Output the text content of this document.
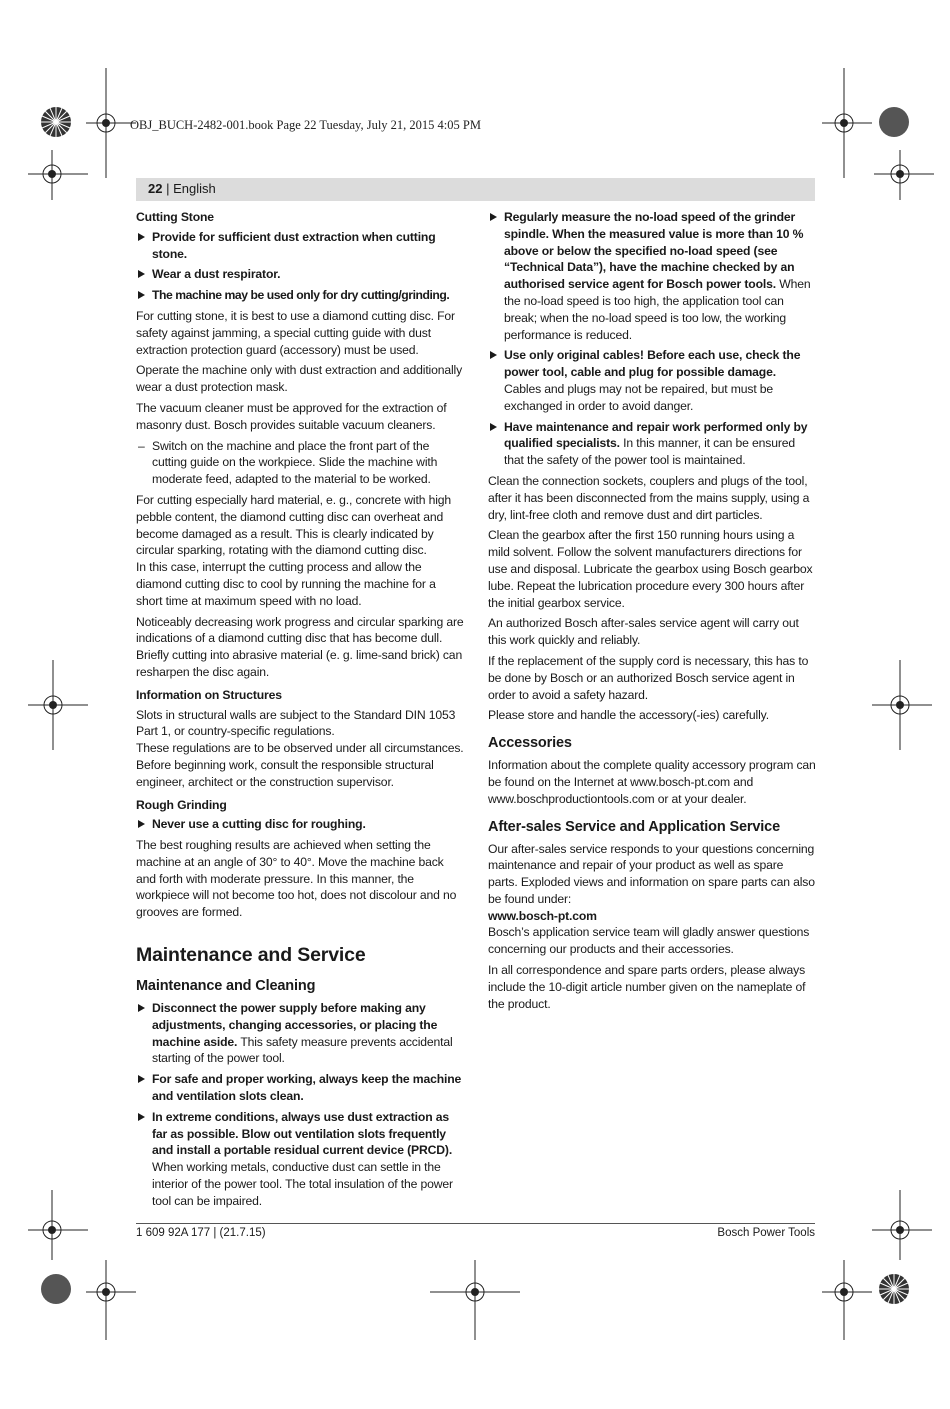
OBJ_BUCH-2482-001.book Page 22 Tuesday, July 21, 2015 4:05 PM
22 | English
Cutting Stone
Provide for sufficient dust extraction when cutting stone.
Wear a dust respirator.
The machine may be used only for dry cutting/grinding.

For cutting stone, it is best to use a diamond cutting disc. For safety against jamming, a special cutting guide with dust extraction protection guard (accessory) must be used.

Operate the machine only with dust extraction and additionally wear a dust protection mask.

The vacuum cleaner must be approved for the extraction of masonry dust. Bosch provides suitable vacuum cleaners.

– Switch on the machine and place the front part of the cutting guide on the workpiece. Slide the machine with moderate feed, adapted to the material to be worked.

For cutting especially hard material, e. g., concrete with high pebble content, the diamond cutting disc can overheat and become damaged as a result. This is clearly indicated by circular sparking, rotating with the diamond cutting disc.

In this case, interrupt the cutting process and allow the diamond cutting disc to cool by running the machine for a short time at maximum speed with no load.

Noticeably decreasing work progress and circular sparking are indications of a diamond cutting disc that has become dull. Briefly cutting into abrasive material (e. g. lime-sand brick) can resharpen the disc again.

Information on Structures

Slots in structural walls are subject to the Standard DIN 1053 Part 1, or country-specific regulations.

These regulations are to be observed under all circumstances. Before beginning work, consult the responsible structural engineer, architect or the construction supervisor.

Rough Grinding
Never use a cutting disc for roughing.

The best roughing results are achieved when setting the machine at an angle of 30° to 40°. Move the machine back and forth with moderate pressure. In this manner, the workpiece will not become too hot, does not discolour and no grooves are formed.

Maintenance and Service
Maintenance and Cleaning
Disconnect the power supply before making any adjustments, changing accessories, or placing the machine aside. This safety measure prevents accidental starting of the power tool.
For safe and proper working, always keep the machine and ventilation slots clean.
In extreme conditions, always use dust extraction as far as possible. Blow out ventilation slots frequently and install a portable residual current device (PRCD). When working metals, conductive dust can settle in the interior of the power tool. The total insulation of the power tool can be impaired.
Regularly measure the no-load speed of the grinder spindle. When the measured value is more than 10 % above or below the specified no-load speed (see “Technical Data”), have the machine checked by an authorised service agent for Bosch power tools. When the no-load speed is too high, the application tool can break; when the no-load speed is too low, the working performance is reduced.
Use only original cables! Before each use, check the power tool, cable and plug for possible damage. Cables and plugs may not be repaired, but must be exchanged in order to avoid danger.
Have maintenance and repair work performed only by qualified specialists. In this manner, it can be ensured that the safety of the power tool is maintained.

Clean the connection sockets, couplers and plugs of the tool, after it has been disconnected from the mains supply, using a dry, lint-free cloth and remove dust and dirt particles.

Clean the gearbox after the first 150 running hours using a mild solvent. Follow the solvent manufacturers directions for use and disposal. Lubricate the gearbox using Bosch gearbox lube. Repeat the lubrication procedure every 300 hours after the initial gearbox service.

An authorized Bosch after-sales service agent will carry out this work quickly and reliably.

If the replacement of the supply cord is necessary, this has to be done by Bosch or an authorized Bosch service agent in order to avoid a safety hazard.

Please store and handle the accessory(-ies) carefully.

Accessories

Information about the complete quality accessory program can be found on the Internet at www.bosch-pt.com and www.boschproductiontools.com or at your dealer.

After-sales Service and Application Service

Our after-sales service responds to your questions concerning maintenance and repair of your product as well as spare parts. Exploded views and information on spare parts can also be found under:

www.bosch-pt.com

Bosch’s application service team will gladly answer questions concerning our products and their accessories.

In all correspondence and spare parts orders, please always include the 10-digit article number given on the nameplate of the product.

1 609 92A 177 | (21.7.15)	Bosch Power Tools
